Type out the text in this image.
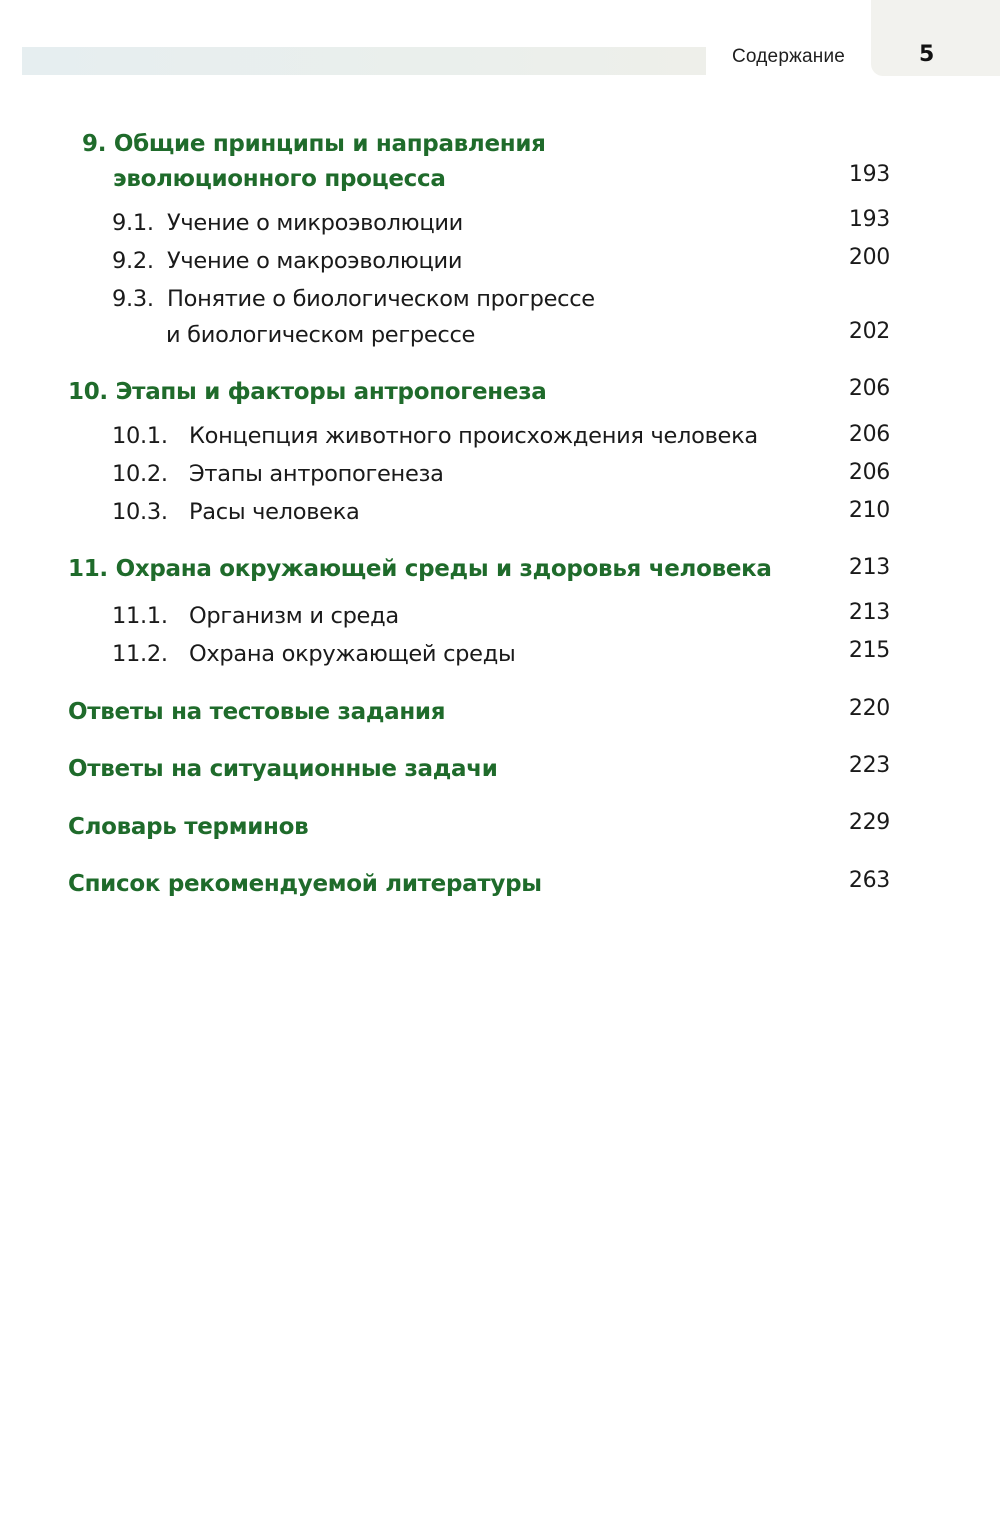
Содержание	5
9. Общие принципы и направления
эволюционного процесса	193
9.1. Учение о микроэволюции	193
9.2. Учение о макроэволюции	200
9.3. Понятие о биологическом прогрессе
и биологическом регрессе	202
10. Этапы и факторы антропогенеза	206
10.1. Концепция животного происхождения человека	206
10.2. Этапы антропогенеза	206
10.3. Расы человека	210
11. Охрана окружающей среды и здоровья человека	213
11.1. Организм и среда	213
11.2. Охрана окружающей среды	215
Ответы на тестовые задания	220
Ответы на ситуационные задачи	223
Словарь терминов	229
Список рекомендуемой литературы	263
